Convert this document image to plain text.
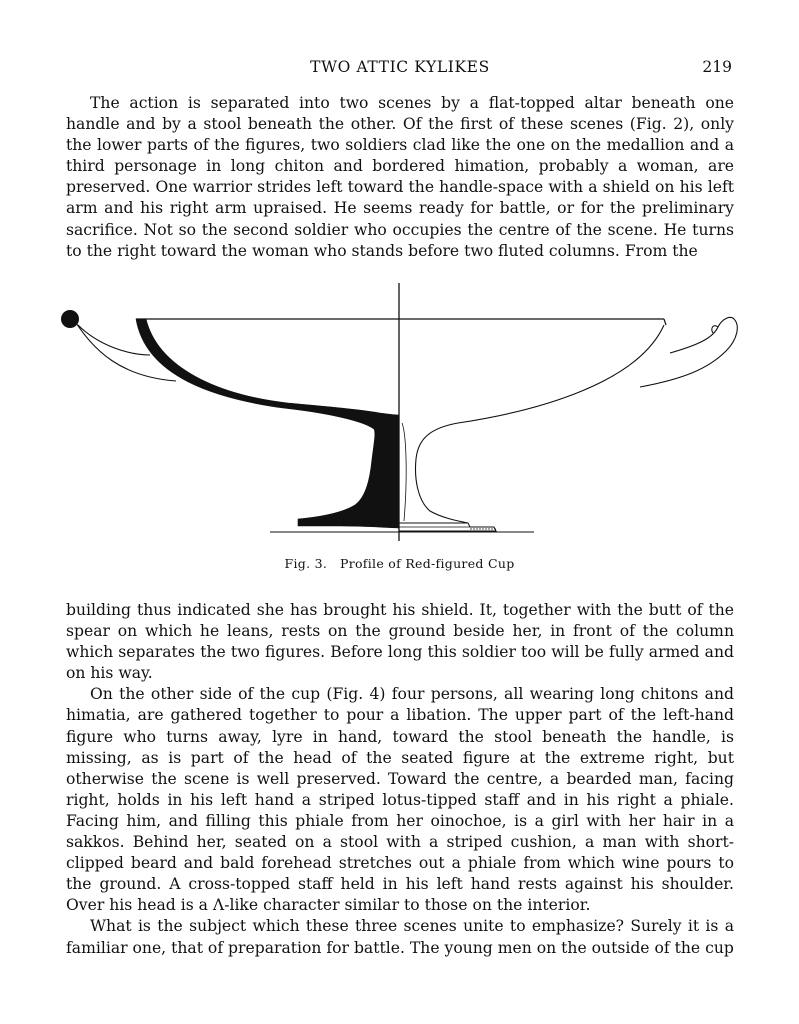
TWO ATTIC KYLIKES	219

The action is separated into two scenes by a flat-topped altar beneath one handle and by a stool beneath the other. Of the first of these scenes (Fig. 2), only the lower parts of the figures, two soldiers clad like the one on the medallion and a third personage in long chiton and bordered himation, probably a woman, are preserved. One warrior strides left toward the handle-space with a shield on his left arm and his right arm upraised. He seems ready for battle, or for the preliminary sacrifice. Not so the second soldier who occupies the centre of the scene. He turns to the right toward the woman who stands before two fluted columns. From the

Fig. 3. Profile of Red-figured Cup

building thus indicated she has brought his shield. It, together with the butt of the spear on which he leans, rests on the ground beside her, in front of the column which separates the two figures. Before long this soldier too will be fully armed and on his way.

On the other side of the cup (Fig. 4) four persons, all wearing long chitons and himatia, are gathered together to pour a libation. The upper part of the left-hand figure who turns away, lyre in hand, toward the stool beneath the handle, is missing, as is part of the head of the seated figure at the extreme right, but otherwise the scene is well preserved. Toward the centre, a bearded man, facing right, holds in his left hand a striped lotus-tipped staff and in his right a phiale. Facing him, and filling this phiale from her oinochoe, is a girl with her hair in a sakkos. Behind her, seated on a stool with a striped cushion, a man with short-clipped beard and bald forehead stretches out a phiale from which wine pours to the ground. A cross-topped staff held in his left hand rests against his shoulder. Over his head is a Λ-like character similar to those on the interior.

What is the subject which these three scenes unite to emphasize? Surely it is a familiar one, that of preparation for battle. The young men on the outside of the cup
